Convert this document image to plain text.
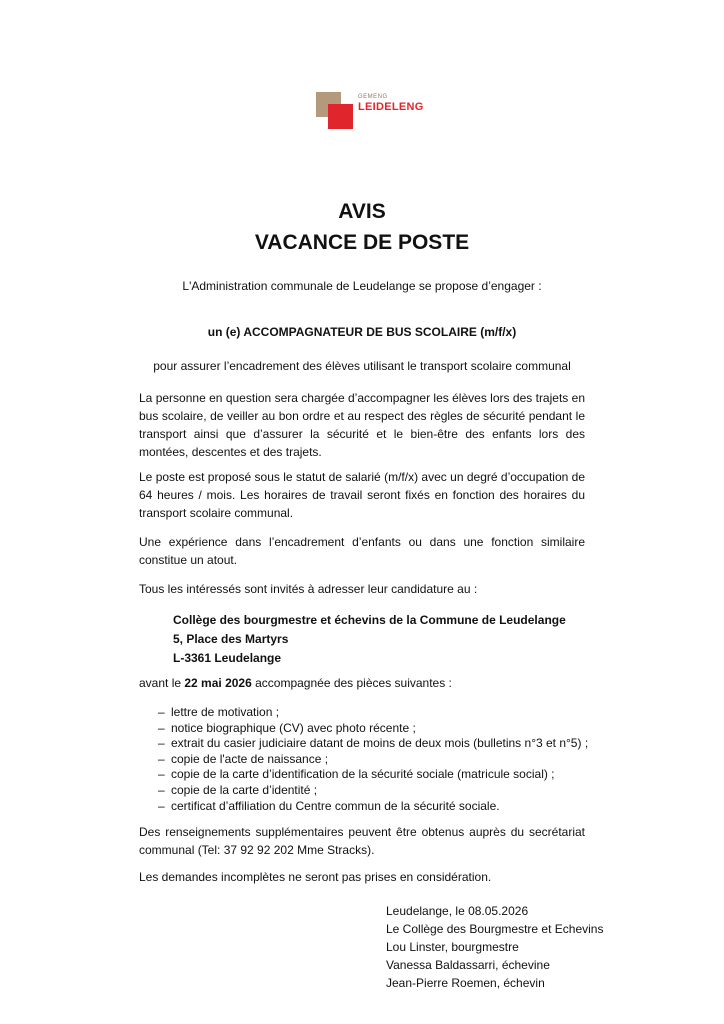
GEMENG
LEIDELENG
AVIS
VACANCE DE POSTE
L'Administration communale de Leudelange se propose d’engager :
un (e) ACCOMPAGNATEUR DE BUS SCOLAIRE (m/f/x)
pour assurer l’encadrement des élèves utilisant le transport scolaire communal
La personne en question sera chargée d’accompagner les élèves lors des trajets en bus scolaire, de veiller au bon ordre et au respect des règles de sécurité pendant le transport ainsi que d’assurer la sécurité et le bien-être des enfants lors des montées, descentes et des trajets.
Le poste est proposé sous le statut de salarié (m/f/x) avec un degré d’occupation de 64 heures / mois. Les horaires de travail seront fixés en fonction des horaires du transport scolaire communal.
Une expérience dans l’encadrement d’enfants ou dans une fonction similaire constitue un atout.
Tous les intéressés sont invités à adresser leur candidature au :
Collège des bourgmestre et échevins de la Commune de Leudelange
5, Place des Martyrs
L-3361 Leudelange
avant le 22 mai 2026 accompagnée des pièces suivantes :
– lettre de motivation ;
– notice biographique (CV) avec photo récente ;
– extrait du casier judiciaire datant de moins de deux mois (bulletins n°3 et n°5) ;
– copie de l'acte de naissance ;
– copie de la carte d’identification de la sécurité sociale (matricule social) ;
– copie de la carte d’identité ;
– certificat d’affiliation du Centre commun de la sécurité sociale.
Des renseignements supplémentaires peuvent être obtenus auprès du secrétariat communal (Tel: 37 92 92 202 Mme Stracks).
Les demandes incomplètes ne seront pas prises en considération.
Leudelange, le 08.05.2026
Le Collège des Bourgmestre et Echevins
Lou Linster, bourgmestre
Vanessa Baldassarri, échevine
Jean-Pierre Roemen, échevin
